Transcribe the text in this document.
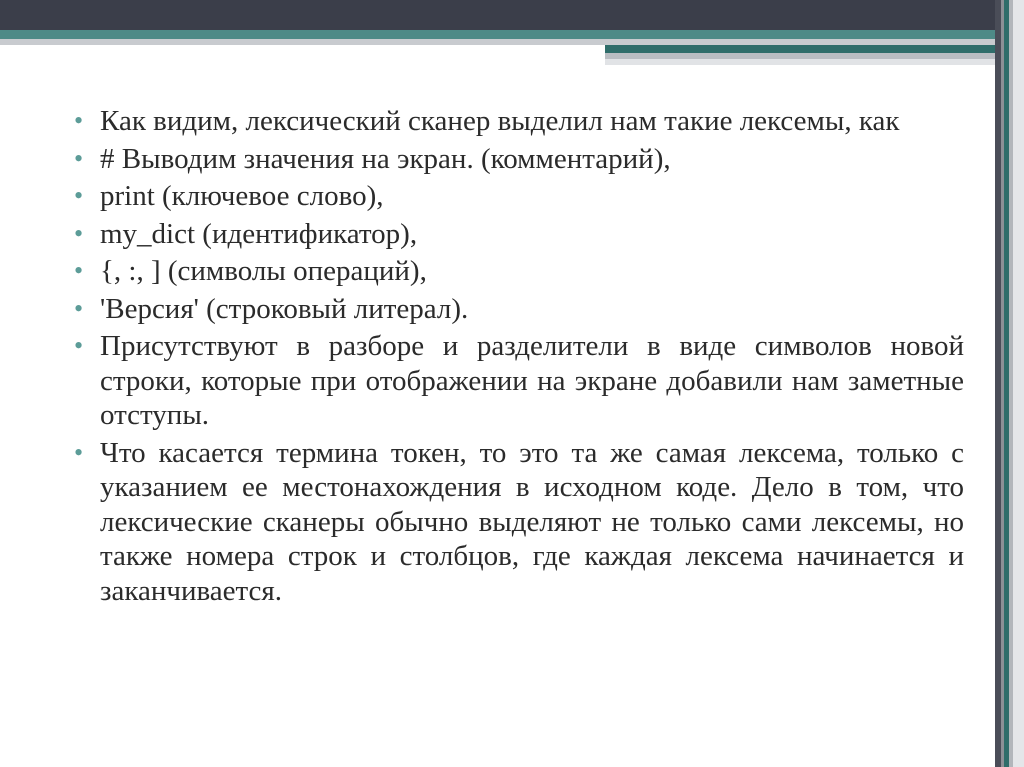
• Как видим, лексический сканер выделил нам такие лексемы, как
• # Выводим значения на экран. (комментарий),
• print (ключевое слово),
• my_dict (идентификатор),
• {, :, ] (символы операций),
• 'Версия' (строковый литерал).
• Присутствуют в разборе и разделители в виде символов новой строки, которые при отображении на экране добавили нам заметные отступы.
• Что касается термина токен, то это та же самая лексема, только с указанием ее местонахождения в исходном коде. Дело в том, что лексические сканеры обычно выделяют не только сами лексемы, но также номера строк и столбцов, где каждая лексема начинается и заканчивается.
